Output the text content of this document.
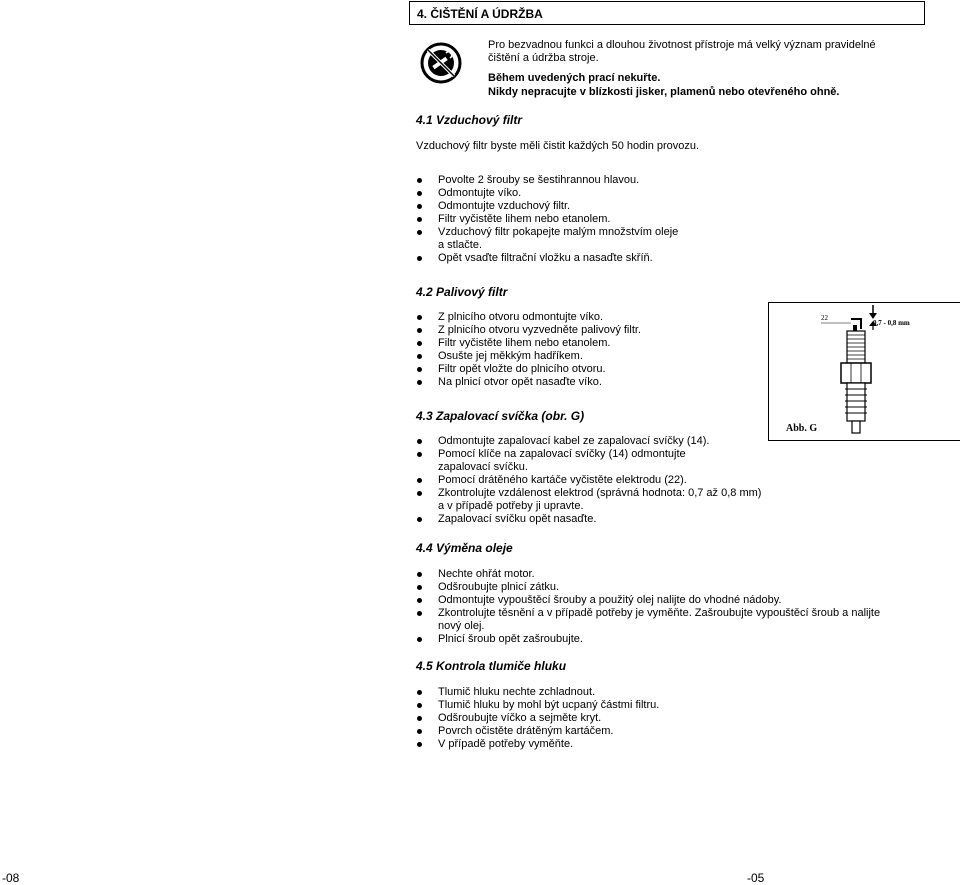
4. ČIŠTĚNÍ A ÚDRŽBA
Pro bezvadnou funkci a dlouhou životnost přístroje má velký význam pravidelné
čištění a údržba stroje.
Během uvedených prací nekuřte.
Nikdy nepracujte v blízkosti jisker, plamenů nebo otevřeného ohně.
4.1 Vzduchový filtr
Vzduchový filtr byste měli čistit každých 50 hodin provozu.
Povolte 2 šrouby se šestihrannou hlavou.
Odmontujte víko.
Odmontujte vzduchový filtr.
Filtr vyčistěte lihem nebo etanolem.
Vzduchový filtr pokapejte malým množstvím oleje
a stlačte.
Opět vsaďte filtrační vložku a nasaďte skříň.
4.2 Palivový filtr
Z plnicího otvoru odmontujte víko.
Z plnicího otvoru vyzvedněte palivový filtr.
Filtr vyčistěte lihem nebo etanolem.
Osušte jej měkkým hadříkem.
Filtr opět vložte do plnicího otvoru.
Na plnicí otvor opět nasaďte víko.
22
0,7 - 0,8 mm
Abb. G
4.3 Zapalovací svíčka (obr. G)
Odmontujte zapalovací kabel ze zapalovací svíčky (14).
Pomocí klíče na zapalovací svíčky (14) odmontujte
zapalovací svíčku.
Pomocí drátěného kartáče vyčistěte elektrodu (22).
Zkontrolujte vzdálenost elektrod (správná hodnota: 0,7 až 0,8 mm)
a v případě potřeby ji upravte.
Zapalovací svíčku opět nasaďte.
4.4 Výměna oleje
Nechte ohřát motor.
Odšroubujte plnicí zátku.
Odmontujte vypouštěcí šrouby a použitý olej nalijte do vhodné nádoby.
Zkontrolujte těsnění a v případě potřeby je vyměňte. Zašroubujte vypouštěcí šroub a nalijte
nový olej.
Plnicí šroub opět zašroubujte.
4.5 Kontrola tlumiče hluku
Tlumič hluku nechte zchladnout.
Tlumič hluku by mohl být ucpaný částmi filtru.
Odšroubujte víčko a sejměte kryt.
Povrch očistěte drátěným kartáčem.
V případě potřeby vyměňte.
-08	-05
